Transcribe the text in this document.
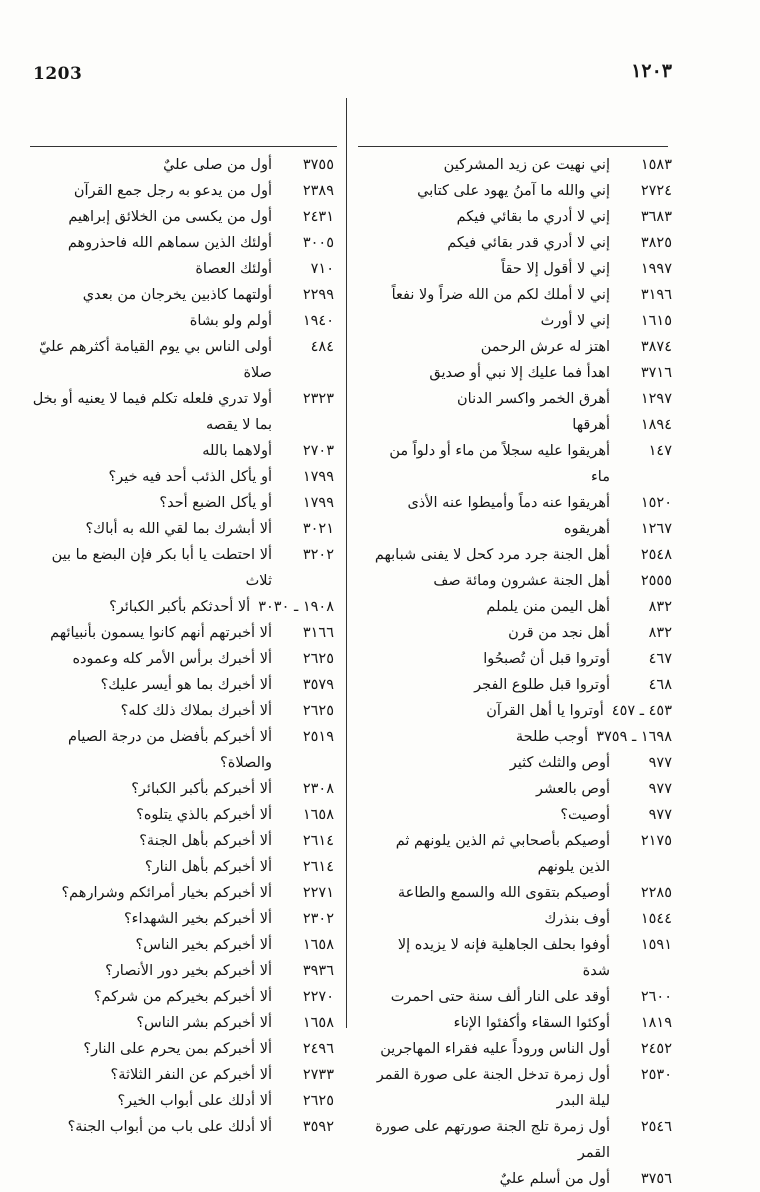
1203	١٢٠٣
١٥٨٣
إني نهيت عن زيد المشركين
٢٧٢٤
إني والله ما آمنُ يهود على كتابي
٣٦٨٣
إني لا أدري ما بقائي فيكم
٣٨٢٥
إني لا أدري قدر بقائي فيكم
١٩٩٧
إني لا أقول إلا حقاً
٣١٩٦
إني لا أملك لكم من الله ضراً ولا نفعاً
١٦١٥
إني لا أورث
٣٨٧٤
اهتز له عرش الرحمن
٣٧١٦
اهدأ فما عليك إلا نبي أو صديق
١٢٩٧
أهرق الخمر واكسر الدنان
١٨٩٤
أهرقها
١٤٧
أهريقوا عليه سجلاً من ماء أو دلواً من ماء
١٥٢٠
أهريقوا عنه دماً وأميطوا عنه الأذى
١٢٦٧
أهريقوه
٢٥٤٨
أهل الجنة جرد مرد كحل لا يفنى شبابهم
٢٥٥٥
أهل الجنة عشرون ومائة صف
٨٣٢
أهل اليمن منن يلملم
٨٣٢
أهل نجد من قرن
٤٦٧
أوتروا قبل أن تُصبحُوا
٤٦٨
أوتروا قبل طلوع الفجر
٤٥٣ ـ ٤٥٧
أوتروا يا أهل القرآن
١٦٩٨ ـ ٣٧٥٩
أوجب طلحة
٩٧٧
أوص والثلث كثير
٩٧٧
أوص بالعشر
٩٧٧
أوصيت؟
٢١٧٥
أوصيكم بأصحابي ثم الذين يلونهم ثم الذين يلونهم
٢٢٨٥
أوصيكم بتقوى الله والسمع والطاعة
١٥٤٤
أوف بنذرك
١٥٩١
أوفوا بحلف الجاهلية فإنه لا يزيده إلا شدة
٢٦٠٠
أوقد على النار ألف سنة حتى احمرت
١٨١٩
أوكئوا السقاء وأكفئوا الإناء
٢٤٥٢
أول الناس وروداً عليه فقراء المهاجرين
٢٥٣٠
أول زمرة تدخل الجنة على صورة القمر ليلة البدر
٢٥٤٦
أول زمرة تلج الجنة صورتهم على صورة القمر
٣٧٥٦
أول من أسلم عليٌ
٣٧٥٥
أول من صلى عليٌ
٢٣٨٩
أول من يدعو به رجل جمع القرآن
٢٤٣١
أول من يكسى من الخلائق إبراهيم
٣٠٠٥
أولئك الذين سماهم الله فاحذروهم
٧١٠
أولئك العصاة
٢٢٩٩
أولتهما كاذبين يخرجان من بعدي
١٩٤٠
أولم ولو بشاة
٤٨٤
أولى الناس بي يوم القيامة أكثرهم عليّ صلاة
٢٣٢٣
أولا تدري فلعله تكلم فيما لا يعنيه أو بخل بما لا يقصه
٢٧٠٣
أولاهما بالله
١٧٩٩
أو يأكل الذئب أحد فيه خير؟
١٧٩٩
أو يأكل الضبع أحد؟
٣٠٢١
ألا أبشرك بما لقي الله به أباك؟
٣٢٠٢
ألا احتطت يا أبا بكر فإن البضع ما بين ثلاث
١٩٠٨ ـ ٣٠٣٠
ألا أحدثكم بأكبر الكبائر؟
٣١٦٦
ألا أخبرتهم أنهم كانوا يسمون بأنبيائهم
٢٦٢٥
ألا أخبرك برأس الأمر كله وعموده
٣٥٧٩
ألا أخبرك بما هو أيسر عليك؟
٢٦٢٥
ألا أخبرك بملاك ذلك كله؟
٢٥١٩
ألا أخبركم بأفضل من درجة الصيام والصلاة؟
٢٣٠٨
ألا أخبركم بأكبر الكبائر؟
١٦٥٨
ألا أخبركم بالذي يتلوه؟
٢٦١٤
ألا أخبركم بأهل الجنة؟
٢٦١٤
ألا أخبركم بأهل النار؟
٢٢٧١
ألا أخبركم بخيار أمرائكم وشرارهم؟
٢٣٠٢
ألا أخبركم بخير الشهداء؟
١٦٥٨
ألا أخبركم بخير الناس؟
٣٩٣٦
ألا أخبركم بخير دور الأنصار؟
٢٢٧٠
ألا أخبركم بخيركم من شركم؟
١٦٥٨
ألا أخبركم بشر الناس؟
٢٤٩٦
ألا أخبركم بمن يحرم على النار؟
٢٧٣٣
ألا أخبركم عن النفر الثلاثة؟
٢٦٢٥
ألا أدلك على أبواب الخير؟
٣٥٩٢
ألا أدلك على باب من أبواب الجنة؟
